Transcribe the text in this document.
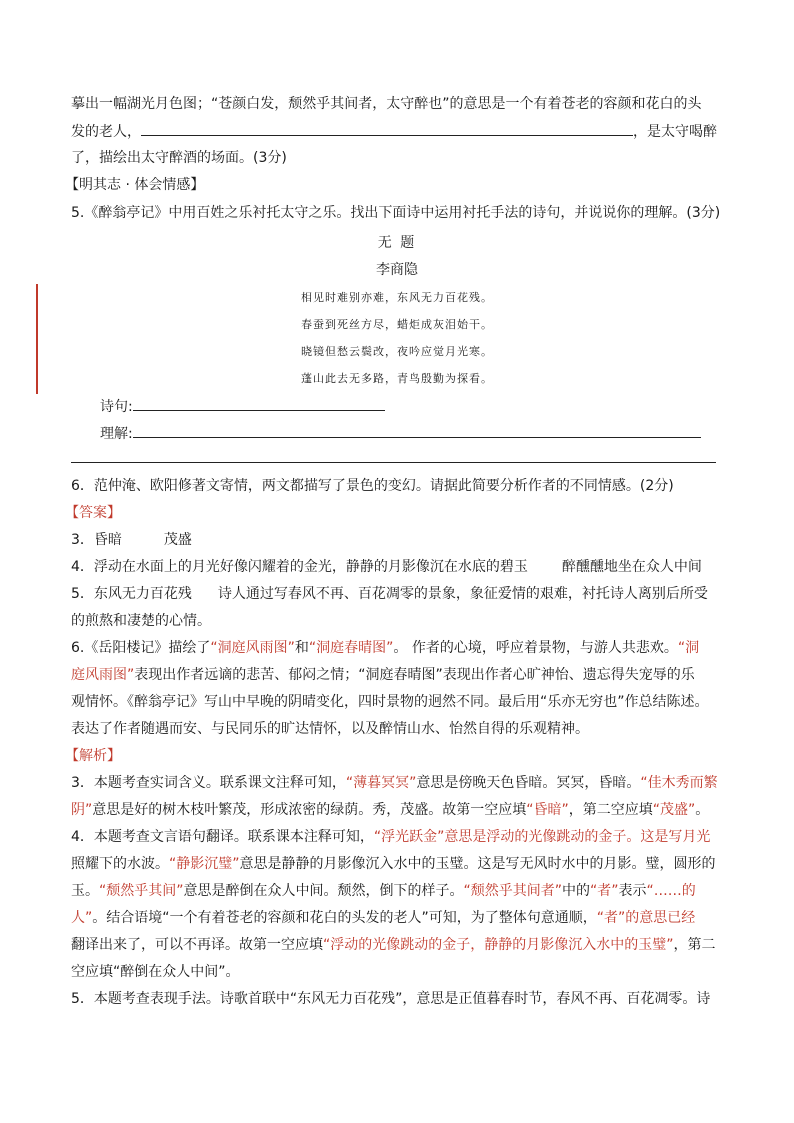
摹出一幅湖光月色图；“苍颜白发，颓然乎其间者，太守醉也”的意思是一个有着苍老的容颜和花白的头
发的老人，	，是太守喝醉
了，描绘出太守醉酒的场面。(3分)
【明其志 · 体会情感】
5.《醉翁亭记》中用百姓之乐衬托太守之乐。找出下面诗中运用衬托手法的诗句，并说说你的理解。(3分)
无 题
李商隐
相见时难别亦难，东风无力百花残。
春蚕到死丝方尽，蜡炬成灰泪始干。
晓镜但愁云鬓改，夜吟应觉月光寒。
蓬山此去无多路，青鸟殷勤为探看。
诗句:
理解:
6．范仲淹、欧阳修著文寄情，两文都描写了景色的变幻。请据此简要分析作者的不同情感。(2分)
【答案】
3．昏暗	茂盛
4．浮动在水面上的月光好像闪耀着的金光，静静的月影像沉在水底的碧玉 醉醺醺地坐在众人中间
5．东风无力百花残 诗人通过写春风不再、百花凋零的景象，象征爱情的艰难，衬托诗人离别后所受
的煎熬和凄楚的心情。
6.《岳阳楼记》描绘了“洞庭风雨图”和“洞庭春晴图”。 作者的心境，呼应着景物，与游人共悲欢。“洞
庭风雨图”表现出作者远谪的悲苦、郁闷之情；“洞庭春晴图”表现出作者心旷神怡、遗忘得失宠辱的乐
观情怀。《醉翁亭记》写山中早晚的阴晴变化，四时景物的迥然不同。最后用“乐亦无穷也”作总结陈述。
表达了作者随遇而安、与民同乐的旷达情怀，以及醉情山水、怡然自得的乐观精神。
【解析】
3．本题考查实词含义。联系课文注释可知，“薄暮冥冥”意思是傍晚天色昏暗。冥冥，昏暗。“佳木秀而繁
阴”意思是好的树木枝叶繁茂，形成浓密的绿荫。秀，茂盛。故第一空应填“昏暗”，第二空应填“茂盛”。
4．本题考查文言语句翻译。联系课本注释可知，“浮光跃金”意思是浮动的光像跳动的金子。这是写月光
照耀下的水波。“静影沉璧”意思是静静的月影像沉入水中的玉璧。这是写无风时水中的月影。璧，圆形的
玉。“颓然乎其间”意思是醉倒在众人中间。颓然，倒下的样子。“颓然乎其间者”中的“者”表示“……的
人”。结合语境“一个有着苍老的容颜和花白的头发的老人”可知，为了整体句意通顺，“者”的意思已经
翻译出来了，可以不再译。故第一空应填“浮动的光像跳动的金子，静静的月影像沉入水中的玉璧”，第二
空应填“醉倒在众人中间”。
5．本题考查表现手法。诗歌首联中“东风无力百花残”，意思是正值暮春时节，春风不再、百花凋零。诗
